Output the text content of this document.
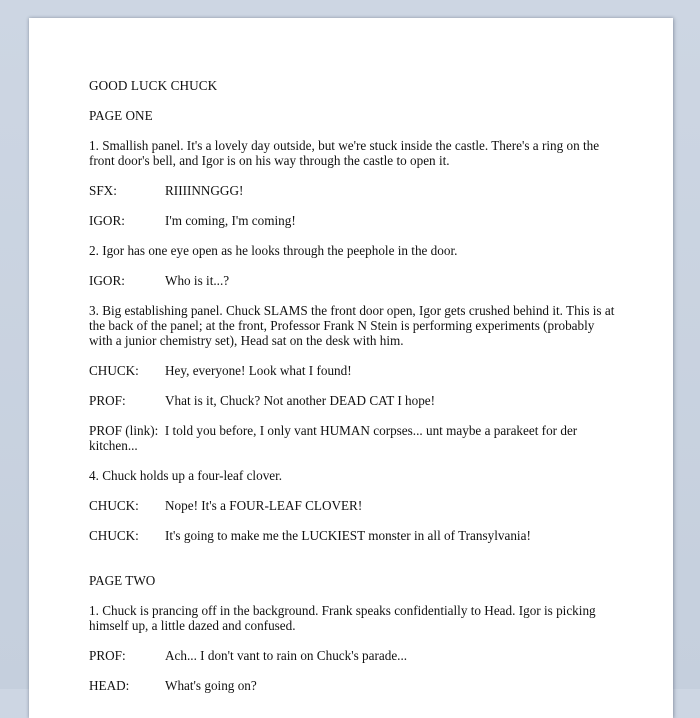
GOOD LUCK CHUCK
PAGE ONE
1. Smallish panel. It's a lovely day outside, but we're stuck inside the castle. There's a ring on the front door's bell, and Igor is on his way through the castle to open it.
SFX:	RIIIINNGGG!
IGOR:	I'm coming, I'm coming!
2. Igor has one eye open as he looks through the peephole in the door.
IGOR:	Who is it...?
3. Big establishing panel. Chuck SLAMS the front door open, Igor gets crushed behind it. This is at the back of the panel; at the front, Professor Frank N Stein is performing experiments (probably with a junior chemistry set), Head sat on the desk with him.
CHUCK:	Hey, everyone! Look what I found!
PROF:	Vhat is it, Chuck? Not another DEAD CAT I hope!
PROF (link): I told you before, I only vant HUMAN corpses... unt maybe a parakeet for der kitchen...
4. Chuck holds up a four-leaf clover.
CHUCK:	Nope! It's a FOUR-LEAF CLOVER!
CHUCK:	It's going to make me the LUCKIEST monster in all of Transylvania!
PAGE TWO
1. Chuck is prancing off in the background. Frank speaks confidentially to Head. Igor is picking himself up, a little dazed and confused.
PROF:	Ach... I don't vant to rain on Chuck's parade...
HEAD:	What's going on?
